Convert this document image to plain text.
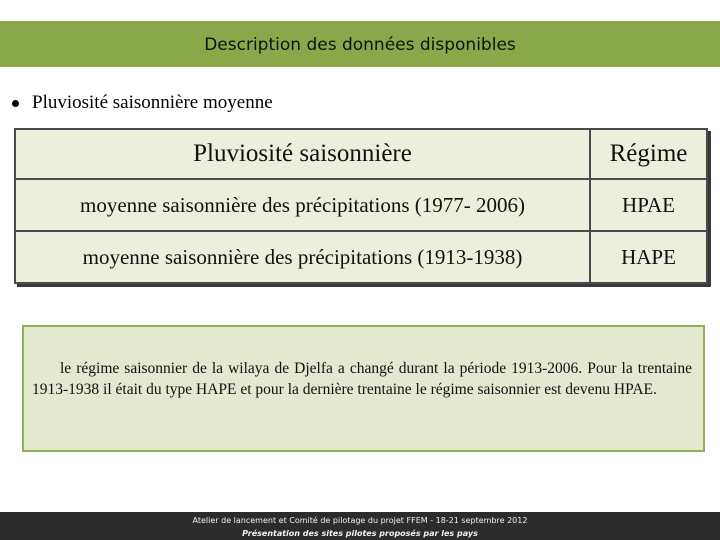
Description des données disponibles
Pluviosité saisonnière moyenne
Pluviosité saisonnière	Régime
moyenne saisonnière des précipitations (1977- 2006)	HPAE
moyenne saisonnière des précipitations (1913-1938)	HAPE
le régime saisonnier de la wilaya de Djelfa a changé durant la période 1913-2006. Pour la trentaine 1913-1938 il était du type HAPE et pour la dernière trentaine le régime saisonnier est devenu HPAE.
Atelier de lancement et Comité de pilotage du projet FFEM - 18-21 septembre 2012
Présentation des sites pilotes proposés par les pays
